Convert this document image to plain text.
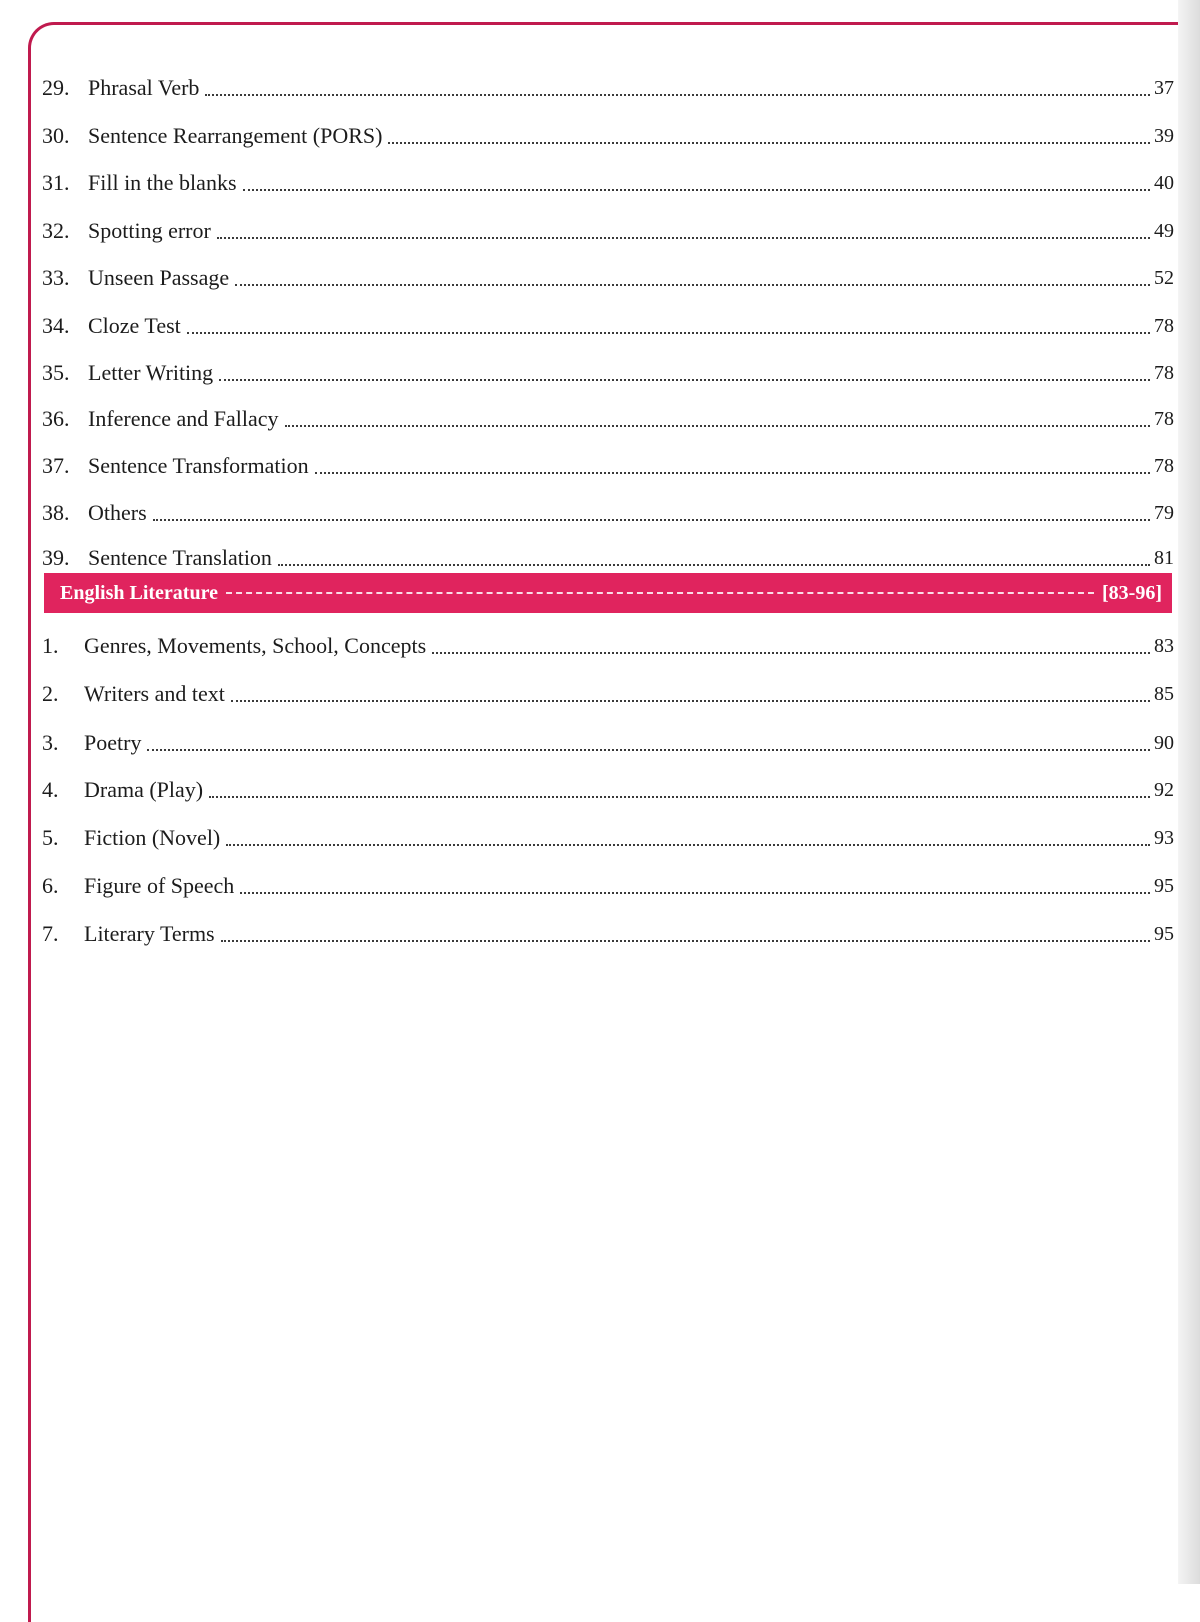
29. Phrasal Verb	37
30. Sentence Rearrangement (PORS)	39
31. Fill in the blanks	40
32. Spotting error	49
33. Unseen Passage	52
34. Cloze Test	78
35. Letter Writing	78
36. Inference and Fallacy	78
37. Sentence Transformation	78
38. Others	79
39. Sentence Translation	81
English Literature	[83-96]
1.	Genres, Movements, School, Concepts	83
2.	Writers and text	85
3.	Poetry	90
4.	Drama (Play)	92
5.	Fiction (Novel)	93
6.	Figure of Speech	95
7.	Literary Terms	95
